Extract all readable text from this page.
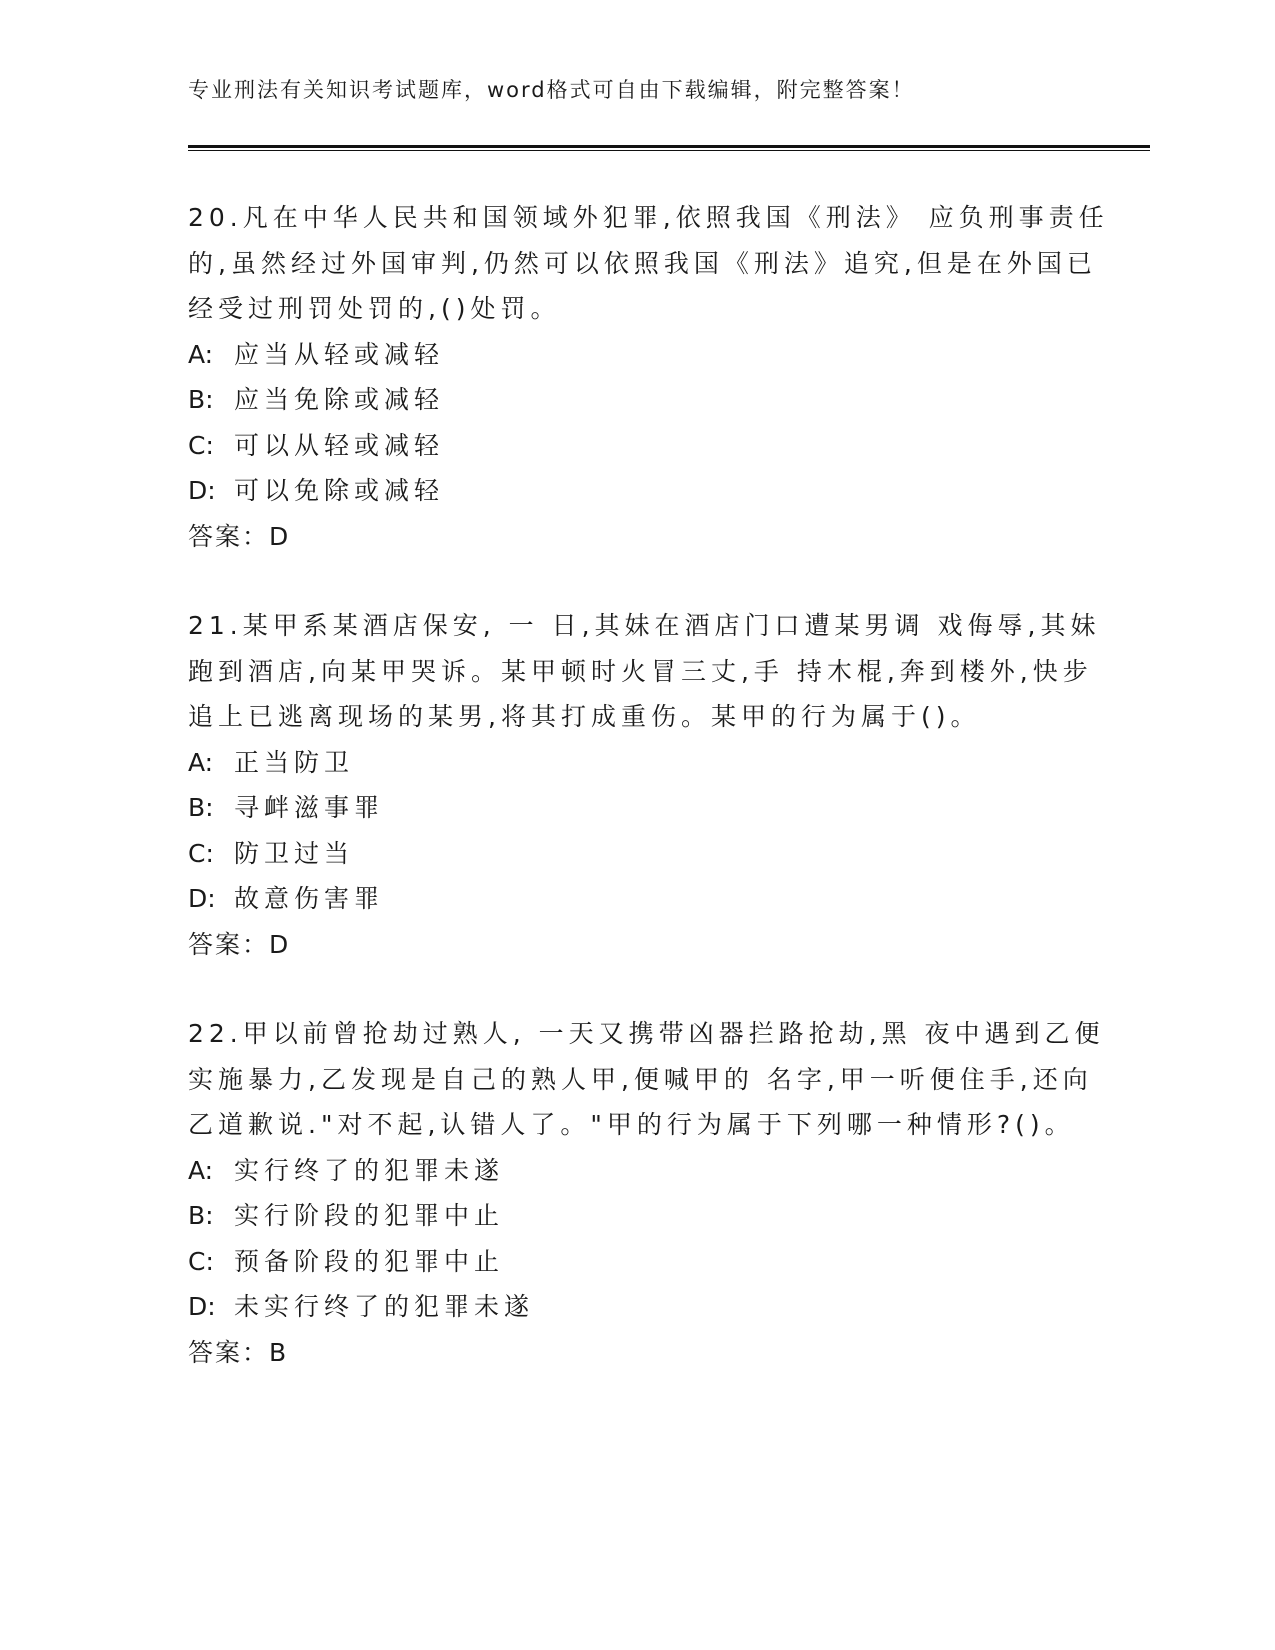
专业刑法有关知识考试题库，word格式可自由下载编辑，附完整答案！
20.凡在中华人民共和国领域外犯罪,依照我国《刑法》 应负刑事责任
的,虽然经过外国审判,仍然可以依照我国《刑法》追究,但是在外国已
经受过刑罚处罚的,()处罚。
A: 应当从轻或减轻
B: 应当免除或减轻
C: 可以从轻或减轻
D: 可以免除或减轻
答案：D
21.某甲系某酒店保安, 一 日,其妹在酒店门口遭某男调 戏侮辱,其妹
跑到酒店,向某甲哭诉。某甲顿时火冒三丈,手 持木棍,奔到楼外,快步
追上已逃离现场的某男,将其打成重伤。某甲的行为属于()。
A: 正当防卫
B: 寻衅滋事罪
C: 防卫过当
D: 故意伤害罪
答案：D
22.甲以前曾抢劫过熟人, 一天又携带凶器拦路抢劫,黑 夜中遇到乙便
实施暴力,乙发现是自己的熟人甲,便喊甲的 名字,甲一听便住手,还向
乙道歉说."对不起,认错人了。"甲的行为属于下列哪一种情形?()。
A: 实行终了的犯罪未遂
B: 实行阶段的犯罪中止
C: 预备阶段的犯罪中止
D: 未实行终了的犯罪未遂
答案：B
